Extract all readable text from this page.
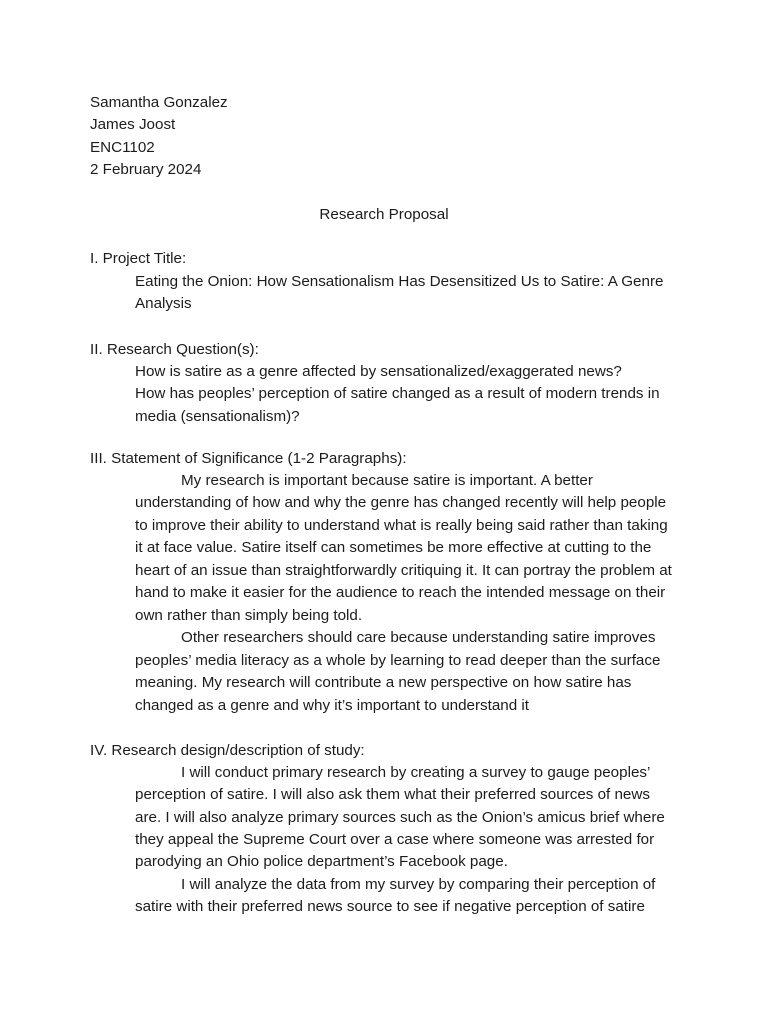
Samantha Gonzalez
James Joost
ENC1102
2 February 2024
Research Proposal
I. Project Title:
Eating the Onion: How Sensationalism Has Desensitized Us to Satire: A Genre
Analysis
II. Research Question(s):
How is satire as a genre affected by sensationalized/exaggerated news?
How has peoples’ perception of satire changed as a result of modern trends in
media (sensationalism)?
III. Statement of Significance (1-2 Paragraphs):
My research is important because satire is important. A better
understanding of how and why the genre has changed recently will help people
to improve their ability to understand what is really being said rather than taking
it at face value. Satire itself can sometimes be more effective at cutting to the
heart of an issue than straightforwardly critiquing it. It can portray the problem at
hand to make it easier for the audience to reach the intended message on their
own rather than simply being told.
Other researchers should care because understanding satire improves
peoples’ media literacy as a whole by learning to read deeper than the surface
meaning. My research will contribute a new perspective on how satire has
changed as a genre and why it’s important to understand it
IV. Research design/description of study:
I will conduct primary research by creating a survey to gauge peoples’
perception of satire. I will also ask them what their preferred sources of news
are. I will also analyze primary sources such as the Onion’s amicus brief where
they appeal the Supreme Court over a case where someone was arrested for
parodying an Ohio police department’s Facebook page.
I will analyze the data from my survey by comparing their perception of
satire with their preferred news source to see if negative perception of satire
